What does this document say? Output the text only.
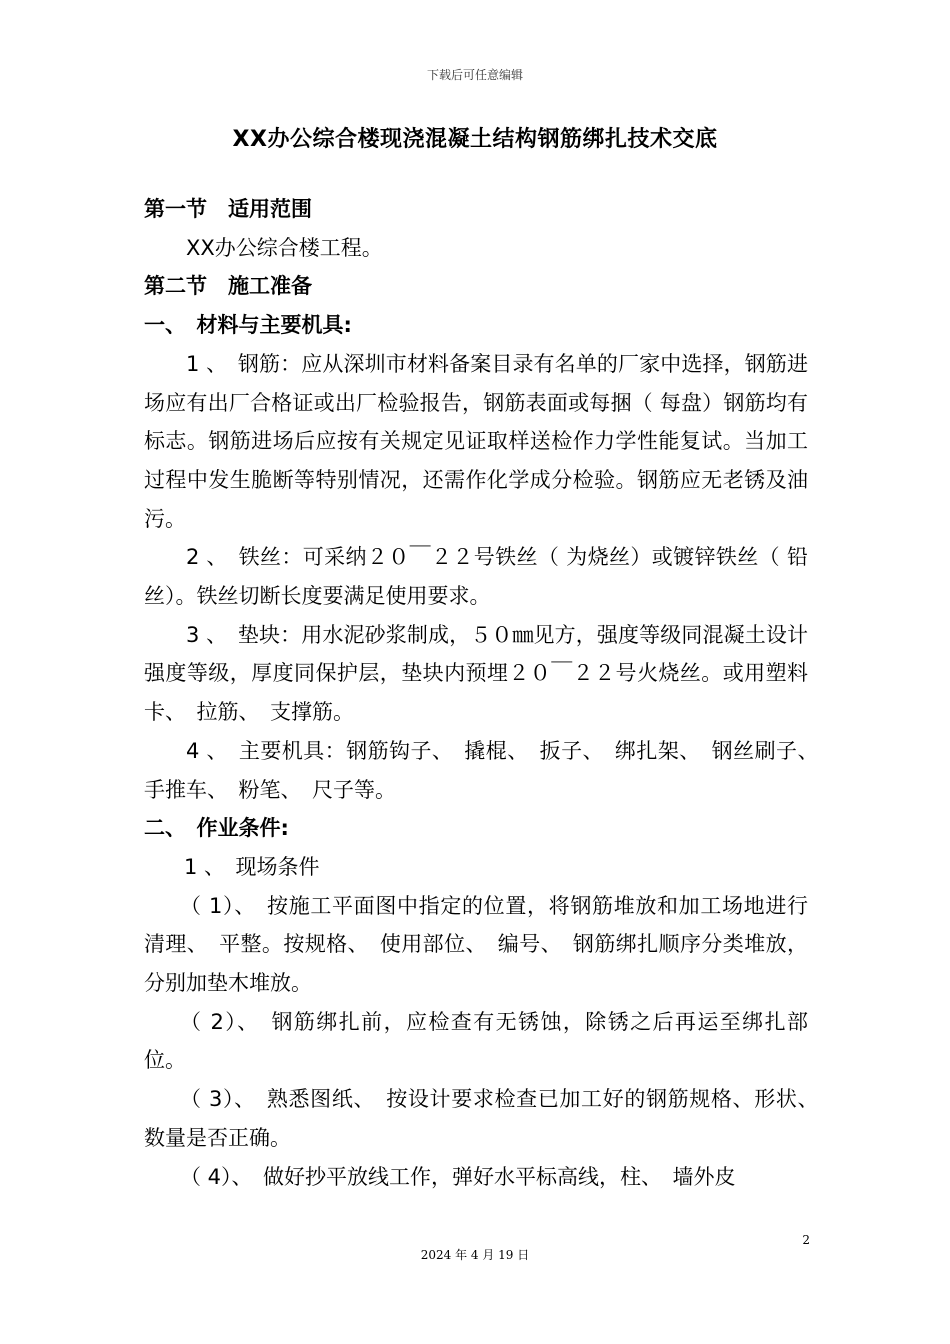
下载后可任意编辑
XX办公综合楼现浇混凝土结构钢筋绑扎技术交底

第一节　适用范围

XX办公综合楼工程。

第二节　施工准备

一、　材料与主要机具:

1 、　钢筋：应从深圳市材料备案目录有名单的厂家中选择，钢筋进场应有出厂合格证或出厂检验报告，钢筋表面或每捆（ 每盘）钢筋均有标志。钢筋进场后应按有关规定见证取样送检作力学性能复试。当加工过程中发生脆断等特别情况，还需作化学成分检验。钢筋应无老锈及油污。

2 、　铁丝：可采纳２０￣２２号铁丝（ 为烧丝）或镀锌铁丝（ 铅丝）。铁丝切断长度要满足使用要求。

3 、　垫块：用水泥砂浆制成，５０㎜见方，强度等级同混凝土设计强度等级，厚度同保护层，垫块内预埋２０￣２２号火烧丝。或用塑料卡、　拉筋、　支撑筋。

4 、　主要机具：钢筋钩子、　撬棍、　扳子、　绑扎架、　钢丝刷子、　手推车、　粉笔、　尺子等。

二、　作业条件:

1 、　现场条件

（ 1）、　按施工平面图中指定的位置，将钢筋堆放和加工场地进行清理、　平整。按规格、　使用部位、　编号、　钢筋绑扎顺序分类堆放，分别加垫木堆放。

（ 2）、　钢筋绑扎前，应检查有无锈蚀，除锈之后再运至绑扎部位。

（ 3）、　熟悉图纸、　按设计要求检查已加工好的钢筋规格、形状、　数量是否正确。

（ 4）、　做好抄平放线工作，弹好水平标高线，柱、　墙外皮

2
2024 年 4 月 19 日
